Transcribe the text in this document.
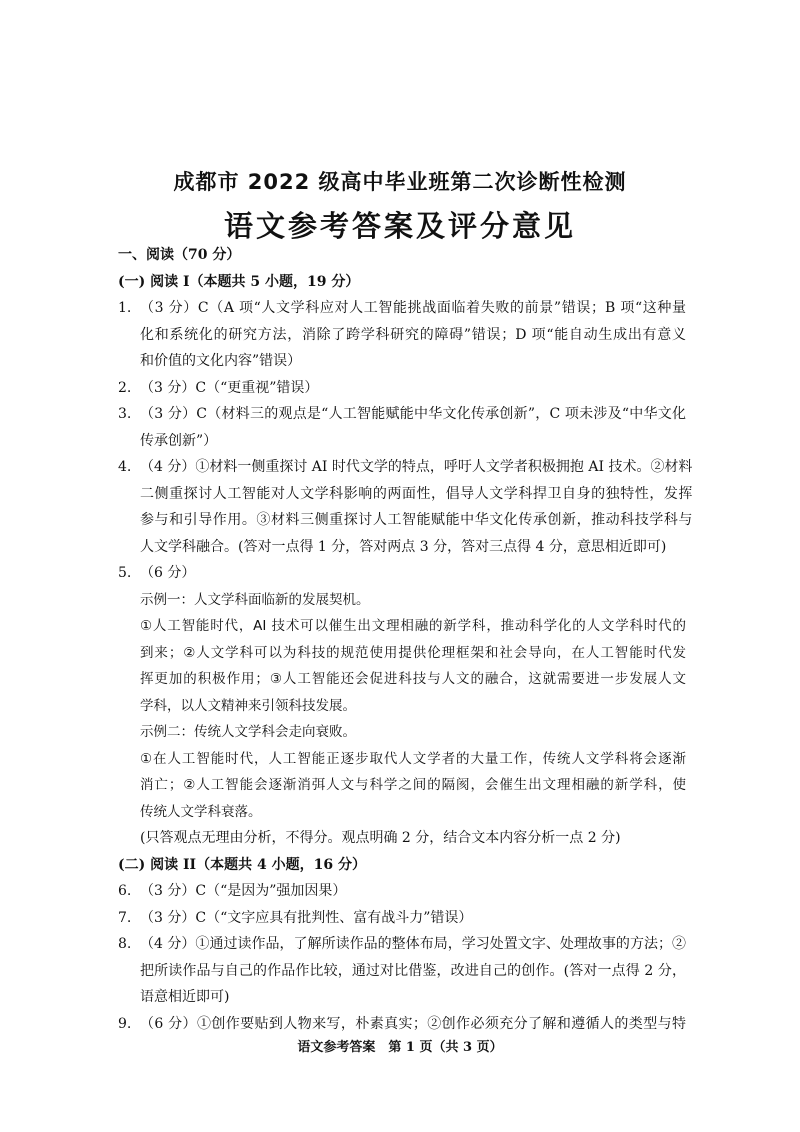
成都市 2022 级高中毕业班第二次诊断性检测
语文参考答案及评分意见
一、阅读（70 分）
(一) 阅读 I（本题共 5 小题，19 分）
1. （3 分）C（A 项“人文学科应对人工智能挑战面临着失败的前景”错误；B 项“这种量
化和系统化的研究方法，消除了跨学科研究的障碍”错误；D 项“能自动生成出有意义
和价值的文化内容”错误）
2. （3 分）C（“更重视”错误）
3. （3 分）C（材料三的观点是“人工智能赋能中华文化传承创新”，C 项未涉及“中华文化
传承创新”）
4. （4 分）①材料一侧重探讨 AI 时代文学的特点，呼吁人文学者积极拥抱 AI 技术。②材料
二侧重探讨人工智能对人文学科影响的两面性，倡导人文学科捍卫自身的独特性，发挥
参与和引导作用。③材料三侧重探讨人工智能赋能中华文化传承创新，推动科技学科与
人文学科融合。(答对一点得 1 分，答对两点 3 分，答对三点得 4 分，意思相近即可)
5. （6 分）
示例一：人文学科面临新的发展契机。
①人工智能时代，AI 技术可以催生出文理相融的新学科，推动科学化的人文学科时代的
到来；②人文学科可以为科技的规范使用提供伦理框架和社会导向，在人工智能时代发
挥更加的积极作用；③人工智能还会促进科技与人文的融合，这就需要进一步发展人文
学科，以人文精神来引领科技发展。
示例二：传统人文学科会走向衰败。
①在人工智能时代，人工智能正逐步取代人文学者的大量工作，传统人文学科将会逐渐
消亡；②人工智能会逐渐消弭人文与科学之间的隔阂，会催生出文理相融的新学科，使
传统人文学科衰落。
(只答观点无理由分析，不得分。观点明确 2 分，结合文本内容分析一点 2 分)
(二) 阅读 II（本题共 4 小题，16 分）
6. （3 分）C（“是因为”强加因果）
7. （3 分）C（“文字应具有批判性、富有战斗力”错误）
8. （4 分）①通过读作品，了解所读作品的整体布局，学习处置文字、处理故事的方法；②
把所读作品与自己的作品作比较，通过对比借鉴，改进自己的创作。(答对一点得 2 分，
语意相近即可)
9. （6 分）①创作要贴到人物来写，朴素真实；②创作必须充分了解和遵循人的类型与特
语文参考答案　第 1 页（共 3 页）
